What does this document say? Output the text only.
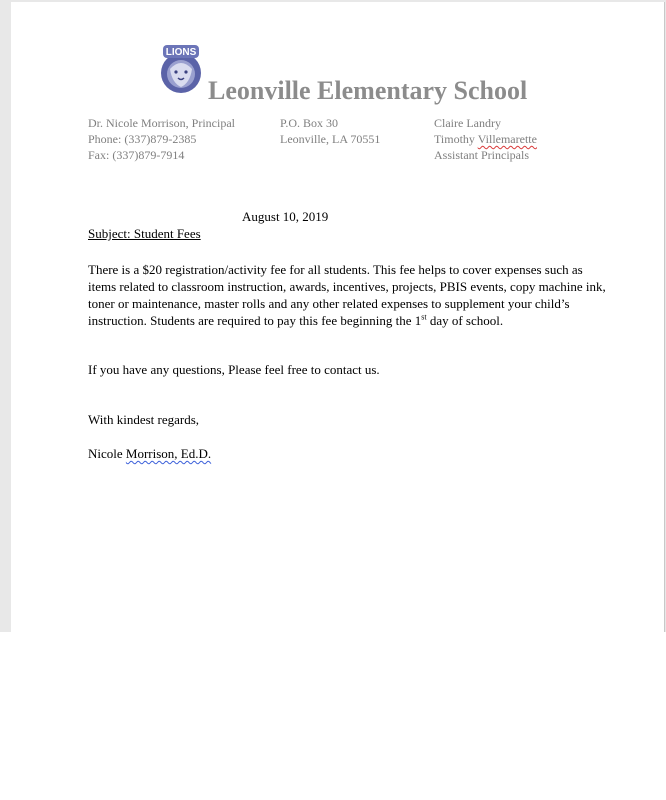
LIONS
Leonville Elementary School
Dr. Nicole Morrison, Principal
Phone: (337)879-2385
Fax: (337)879-7914
P.O. Box 30
Leonville, LA 70551
Claire Landry
Timothy Villemarette
Assistant Principals
August 10, 2019
Subject: Student Fees
There is a $20 registration/activity fee for all students. This fee helps to cover expenses such as items related to classroom instruction, awards, incentives, projects, PBIS events, copy machine ink, toner or maintenance, master rolls and any other related expenses to supplement your child’s instruction. Students are required to pay this fee beginning the 1st day of school.
If you have any questions, Please feel free to contact us.
With kindest regards,
Nicole Morrison, Ed.D.
